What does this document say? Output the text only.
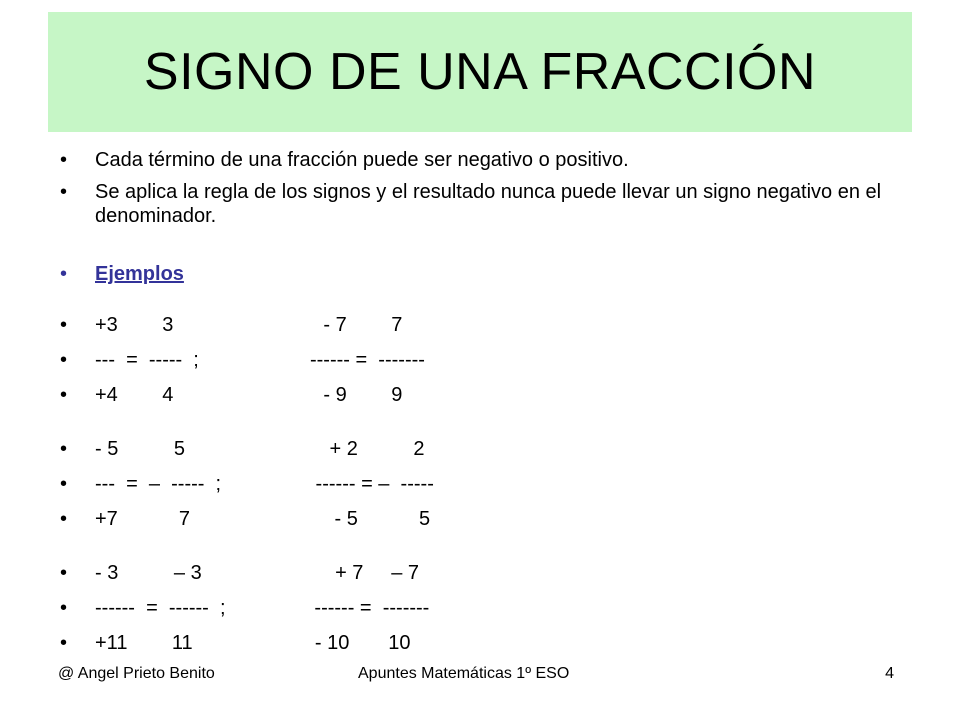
SIGNO DE UNA FRACCIÓN
• Cada término de una fracción puede ser negativo o positivo.
• Se aplica la regla de los signos y el resultado nunca puede llevar un signo negativo en el denominador.
• Ejemplos
• +3        3                           - 7        7
• ---  =  -----  ;                    ------ =  -------
• +4        4                           - 9        9
• - 5          5                          + 2          2
• ---  =  –  -----  ;                 ------ = –  -----
• +7           7                          - 5           5
• - 3          – 3                        + 7     – 7
• ------  =  ------  ;                ------ =  -------
• +11        11                      - 10       10
@ Angel Prieto Benito	Apuntes Matemáticas 1º ESO	4
